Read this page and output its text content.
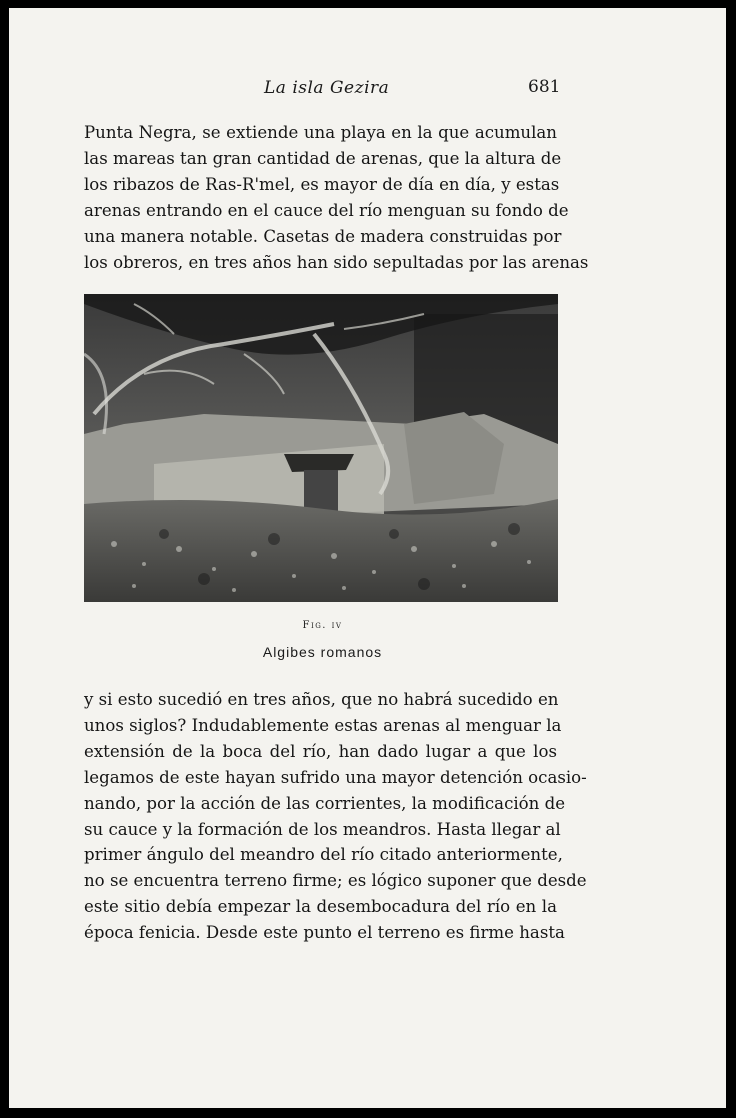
La isla Gezira	681

Punta Negra, se extiende una playa en la que acumulan
las mareas tan gran cantidad de arenas, que la altura de
los ribazos de Ras-R'mel, es mayor de día en día, y estas
arenas entrando en el cauce del río menguan su fondo de
una manera notable. Casetas de madera construidas por
los obreros, en tres años han sido sepultadas por las arenas

Fig. iv
Algibes romanos

y si esto sucedió en tres años, que no habrá sucedido en
unos siglos? Indudablemente estas arenas al menguar la
extensión de la boca del río, han dado lugar a que los
legamos de este hayan sufrido una mayor detención ocasio-
nando, por la acción de las corrientes, la modificación de
su cauce y la formación de los meandros. Hasta llegar al
primer ángulo del meandro del río citado anteriormente,
no se encuentra terreno firme; es lógico suponer que desde
este sitio debía empezar la desembocadura del río en la
época fenicia. Desde este punto el terreno es firme hasta
